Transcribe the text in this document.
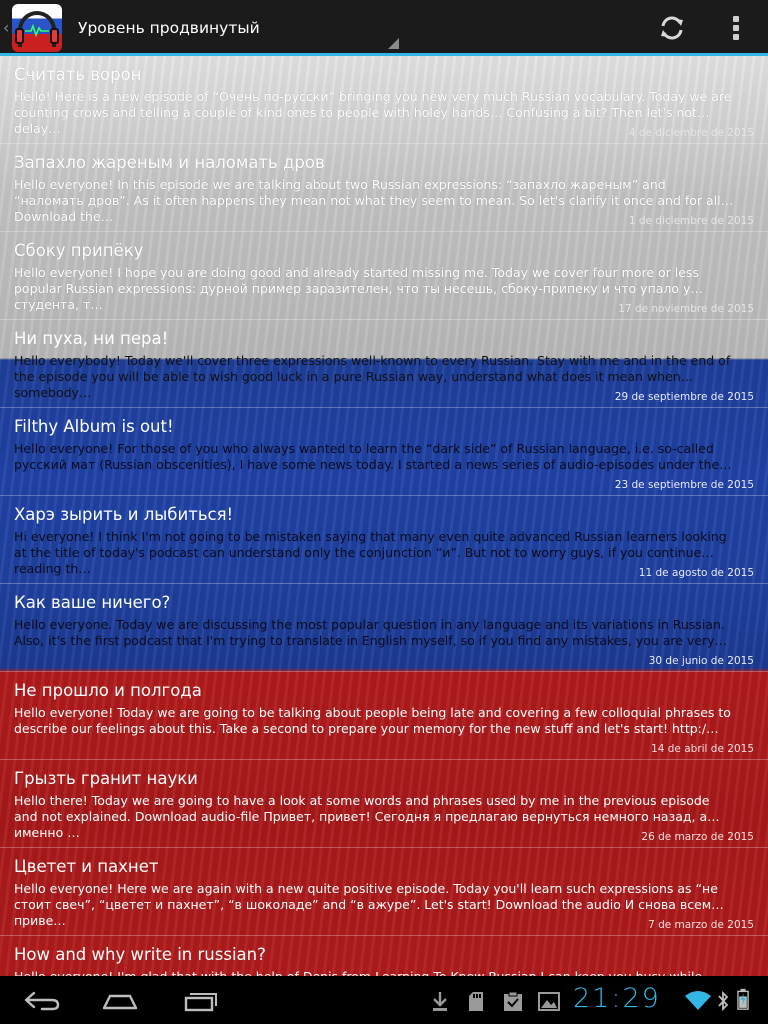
‹	Уровень продвинутый
Считать ворон
Hello! Here is a new episode of “Очень по-русски” bringing you new very much Russian vocabulary. Today we are counting crows and telling a couple of kind ones to people with holey hands… Confusing a bit? Then let's not delay…	4 de diciembre de 2015
Запахло жареным и наломать дров
Hello everyone! In this episode we are talking about two Russian expressions: “запахло жареным” and “наломать дров”. As it often happens they mean not what they seem to mean. So let's clarify it once and for all. Download the…	1 de diciembre de 2015
Сбоку припёку
Hello everyone! I hope you are doing good and already started missing me. Today we cover four more or less popular Russian expressions: дурной пример заразителен, что ты несешь, сбоку-припеку и что упало у студента, т…	17 de noviembre de 2015
Ни пуха, ни пера!
Hello everybody! Today we'll cover three expressions well-known to every Russian. Stay with me and in the end of the episode you will be able to wish good luck in a pure Russian way, understand what does it mean when somebody…	29 de septiembre de 2015
Filthy Album is out!
Hello everyone! For those of you who always wanted to learn the “dark side” of Russian language, i.e. so-called русский мат (Russian obscenities), I have some news today. I started a news series of audio-episodes under the…
23 de septiembre de 2015
Харэ зырить и лыбиться!
Hi everyone! I think I'm not going to be mistaken saying that many even quite advanced Russian learners looking at the title of today's podcast can understand only the conjunction “и”. But not to worry guys, if you continue reading th…	11 de agosto de 2015
Как ваше ничего?
Hello everyone. Today we are discussing the most popular question in any language and its variations in Russian. Also, it's the first podcast that I'm trying to translate in English myself, so if you find any mistakes, you are very…
30 de junio de 2015
Не прошло и полгода
Hello everyone! Today we are going to be talking about people being late and covering a few colloquial phrases to describe our feelings about this. Take a second to prepare your memory for the new stuff and let's start! http:/…
14 de abril de 2015
Грызть гранит науки
Hello there! Today we are going to have a look at some words and phrases used by me in the previous episode and not explained. Download audio-file Привет, привет! Сегодня я предлагаю вернуться немного назад, а именно …	26 de marzo de 2015
Цветет и пахнет
Hello everyone! Here we are again with a new quite positive episode. Today you'll learn such expressions as “не стоит свеч”, “цветет и пахнет”, “в шоколаде” and “в ажуре”. Let's start! Download the audio И снова всем приве…	7 de marzo de 2015
How and why write in russian?
21:29
